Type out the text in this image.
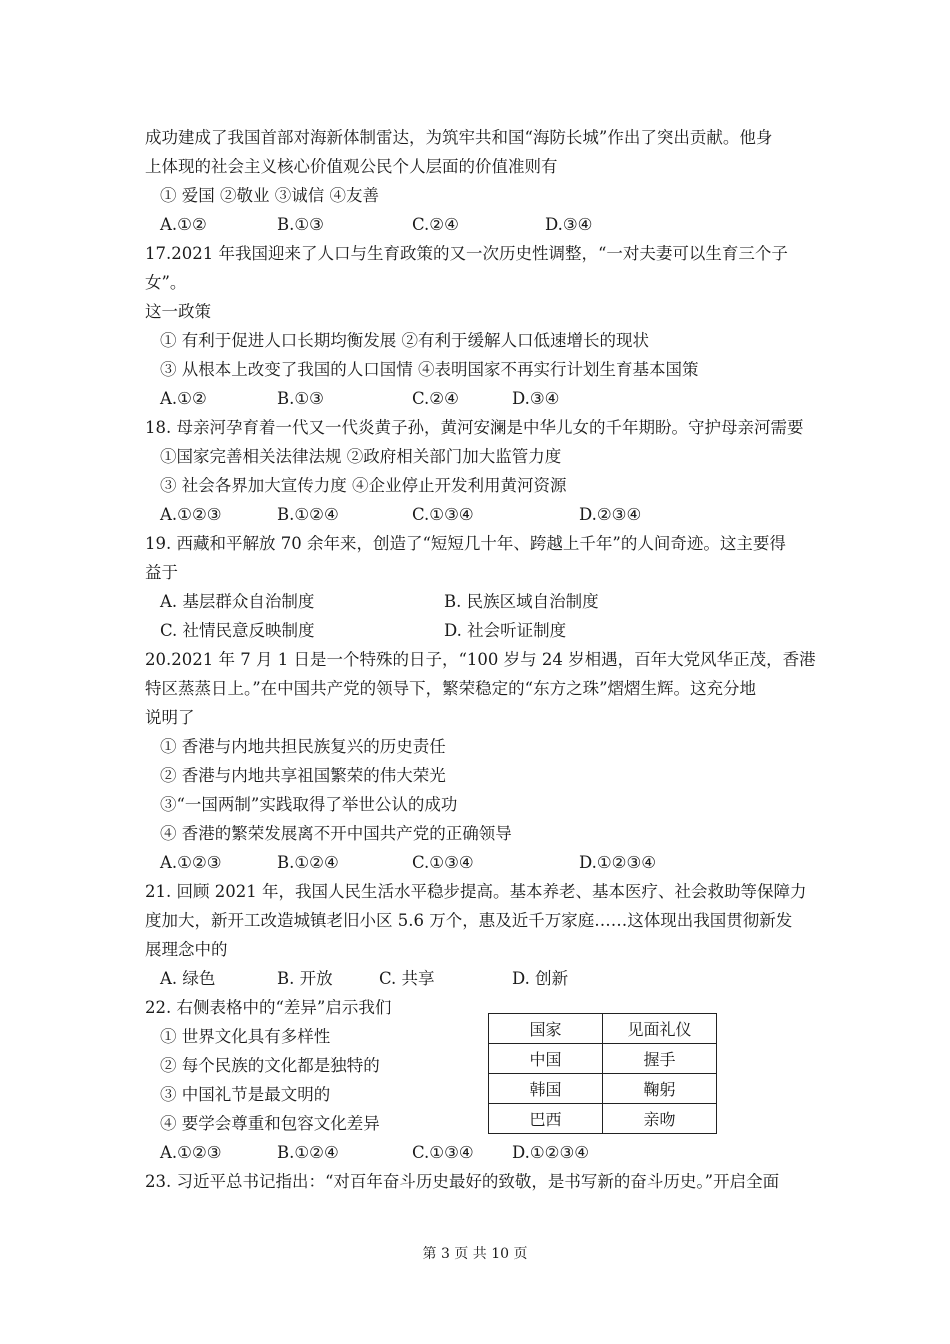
成功建成了我国首部对海新体制雷达，为筑牢共和国“海防长城”作出了突出贡献。他身
上体现的社会主义核心价值观公民个人层面的价值准则有
① 爱国 ②敬业 ③诚信 ④友善
A.①②	B.①③	C.②④	D.③④
17.2021 年我国迎来了人口与生育政策的又一次历史性调整，“一对夫妻可以生育三个子
女”。
这一政策
① 有利于促进人口长期均衡发展 ②有利于缓解人口低速增长的现状
③ 从根本上改变了我国的人口国情 ④表明国家不再实行计划生育基本国策
A.①②	B.①③	C.②④	D.③④
18. 母亲河孕育着一代又一代炎黄子孙，黄河安澜是中华儿女的千年期盼。守护母亲河需要
①国家完善相关法律法规 ②政府相关部门加大监管力度
③ 社会各界加大宣传力度 ④企业停止开发利用黄河资源
A.①②③	B.①②④	C.①③④	D.②③④
19. 西藏和平解放 70 余年来，创造了“短短几十年、跨越上千年”的人间奇迹。这主要得
益于
A. 基层群众自治制度	B. 民族区域自治制度
C. 社情民意反映制度	D. 社会听证制度
20.2021 年 7 月 1 日是一个特殊的日子，“100 岁与 24 岁相遇，百年大党风华正茂，香港
特区蒸蒸日上。”在中国共产党的领导下，繁荣稳定的“东方之珠”熠熠生辉。这充分地
说明了
① 香港与内地共担民族复兴的历史责任
② 香港与内地共享祖国繁荣的伟大荣光
③“一国两制”实践取得了举世公认的成功
④ 香港的繁荣发展离不开中国共产党的正确领导
A.①②③	B.①②④	C.①③④	D.①②③④
21. 回顾 2021 年，我国人民生活水平稳步提高。基本养老、基本医疗、社会救助等保障力
度加大，新开工改造城镇老旧小区 5.6 万个，惠及近千万家庭……这体现出我国贯彻新发
展理念中的
A. 绿色	B. 开放	C. 共享	D. 创新
22. 右侧表格中的“差异”启示我们
① 世界文化具有多样性
② 每个民族的文化都是独特的
③ 中国礼节是最文明的
④ 要学会尊重和包容文化差异
A.①②③	B.①②④	C.①③④ D.①②③④
国家	见面礼仪
中国	握手
韩国	鞠躬
巴西	亲吻
23. 习近平总书记指出：“对百年奋斗历史最好的致敬，是书写新的奋斗历史。”开启全面
第 3 页 共 10 页
